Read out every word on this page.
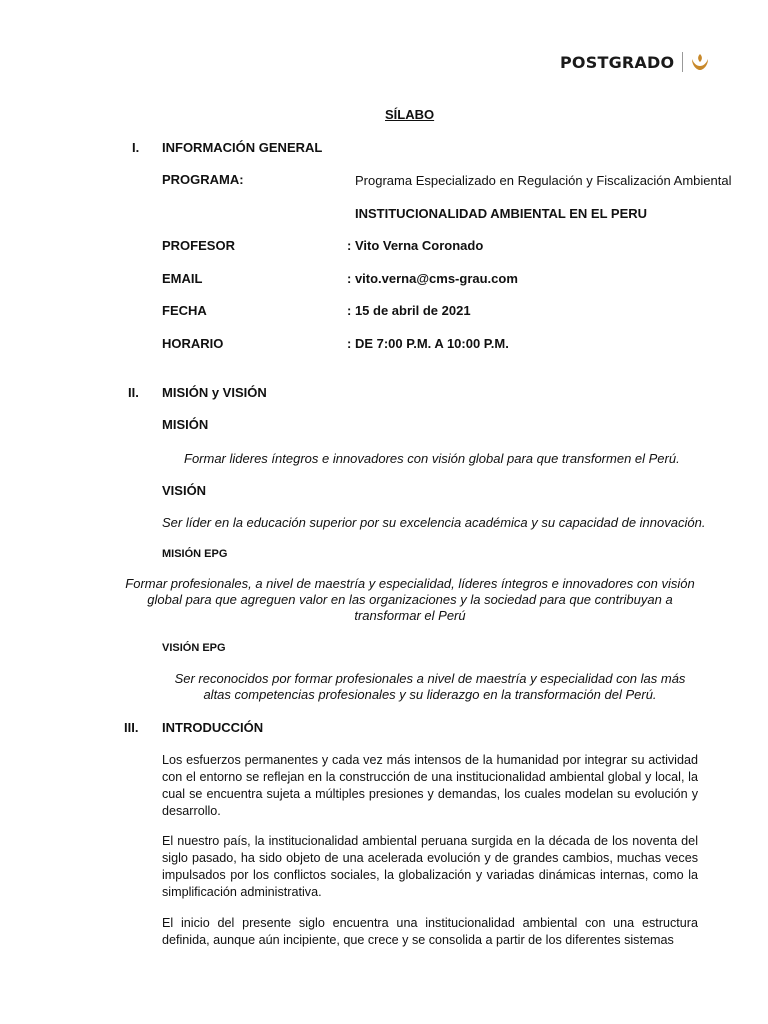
POSTGRADO
SÍLABO
I. INFORMACIÓN GENERAL
PROGRAMA:	Programa Especializado en Regulación y Fiscalización Ambiental
INSTITUCIONALIDAD AMBIENTAL EN EL PERU
PROFESOR	: Vito Verna Coronado
EMAIL	: vito.verna@cms-grau.com
FECHA	: 15 de abril de 2021
HORARIO	: DE 7:00 P.M. A 10:00 P.M.
II. MISIÓN y VISIÓN
MISIÓN
Formar lideres íntegros e innovadores con visión global para que transformen el Perú.
VISIÓN
Ser líder en la educación superior por su excelencia académica y su capacidad de innovación.
MISIÓN EPG
Formar profesionales, a nivel de maestría y especialidad, líderes íntegros e innovadores con visión global para que agreguen valor en las organizaciones y la sociedad para que contribuyan a transformar el Perú
VISIÓN EPG
Ser reconocidos por formar profesionales a nivel de maestría y especialidad con las más altas competencias profesionales y su liderazgo en la transformación del Perú.
III. INTRODUCCIÓN
Los esfuerzos permanentes y cada vez más intensos de la humanidad por integrar su actividad con el entorno se reflejan en la construcción de una institucionalidad ambiental global y local, la cual se encuentra sujeta a múltiples presiones y demandas, los cuales modelan su evolución y desarrollo.
El nuestro país, la institucionalidad ambiental peruana surgida en la década de los noventa del siglo pasado, ha sido objeto de una acelerada evolución y de grandes cambios, muchas veces impulsados por los conflictos sociales, la globalización y variadas dinámicas internas, como la simplificación administrativa.
El inicio del presente siglo encuentra una institucionalidad ambiental con una estructura definida, aunque aún incipiente, que crece y se consolida a partir de los diferentes sistemas
